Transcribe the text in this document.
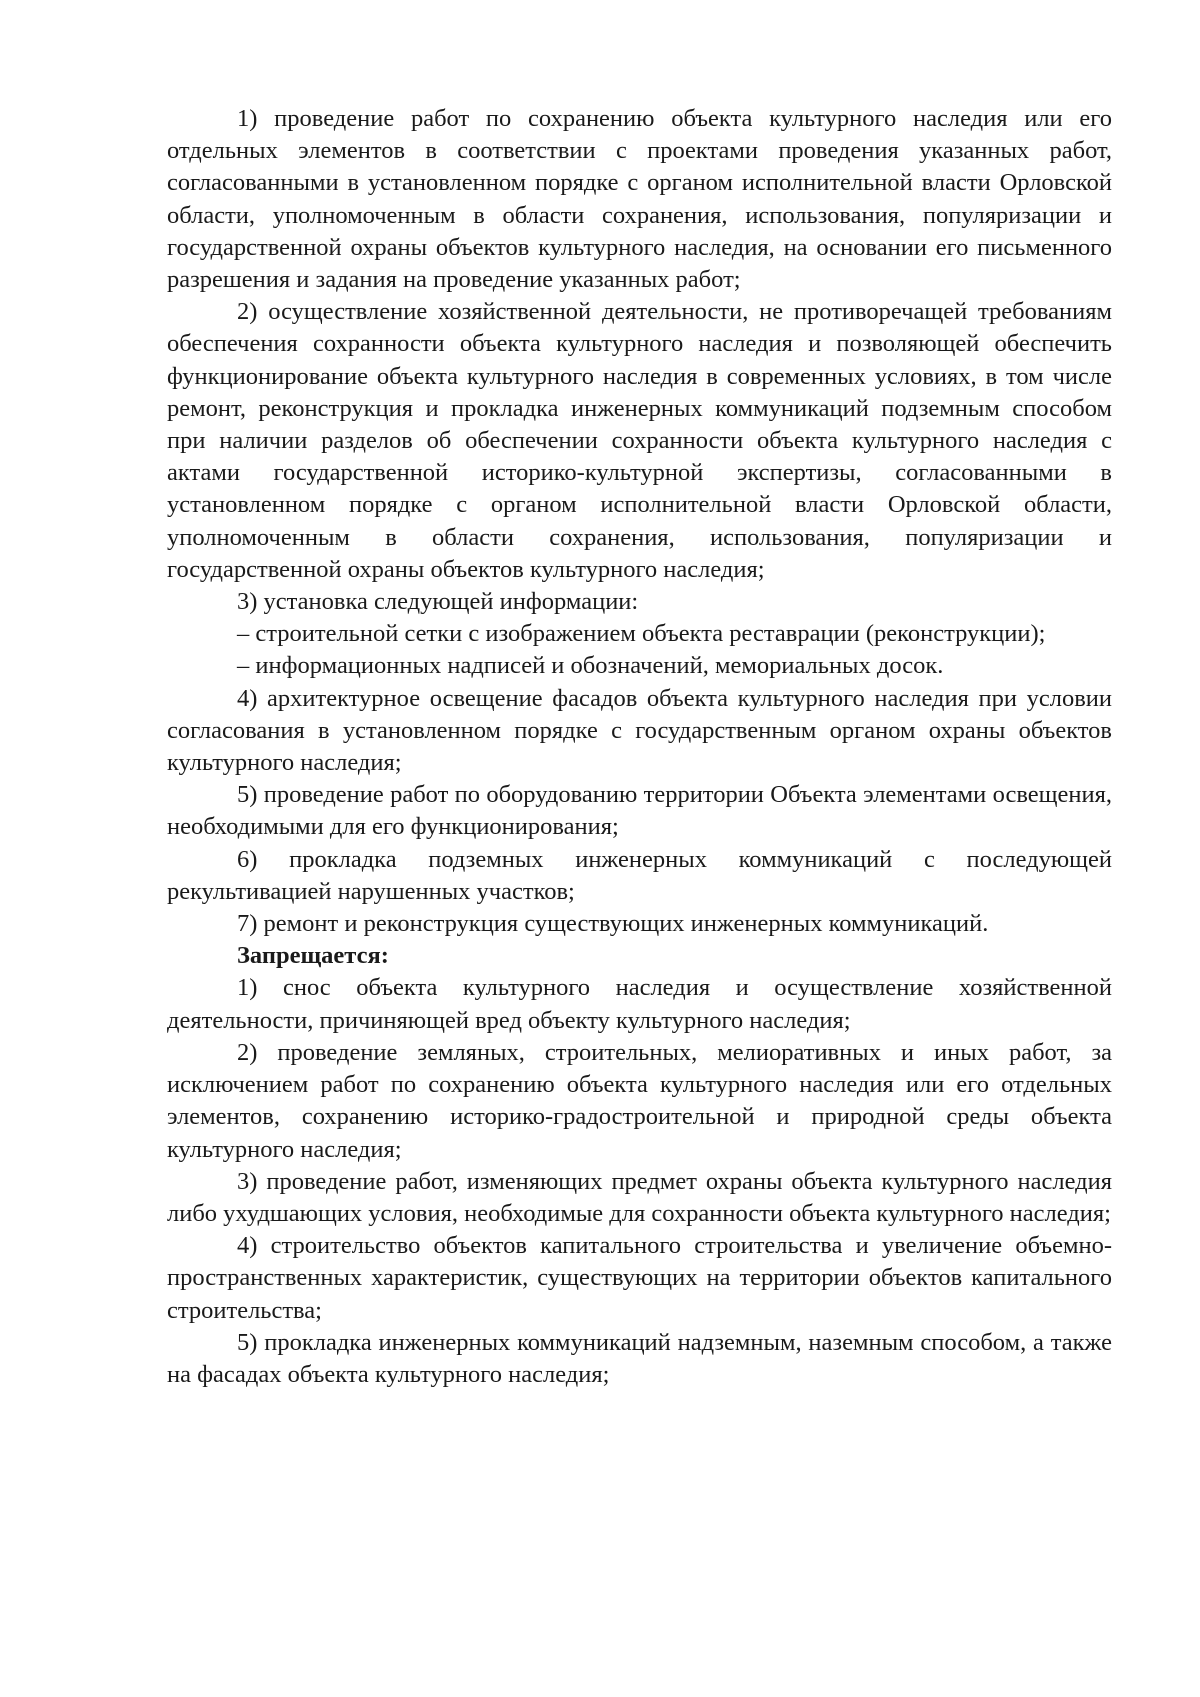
1) проведение работ по сохранению объекта культурного наследия или его отдельных элементов в соответствии с проектами проведения указанных работ, согласованными в установленном порядке с органом исполнительной власти Орловской области, уполномоченным в области сохранения, использования, популяризации и государственной охраны объектов культурного наследия, на основании его письменного разрешения и задания на проведение указанных работ;

2) осуществление хозяйственной деятельности, не противоречащей требованиям обеспечения сохранности объекта культурного наследия и позволяющей обеспечить функционирование объекта культурного наследия в современных условиях, в том числе ремонт, реконструкция и прокладка инженерных коммуникаций подземным способом при наличии разделов об обеспечении сохранности объекта культурного наследия с актами государственной историко-культурной экспертизы, согласованными в установленном порядке с органом исполнительной власти Орловской области, уполномоченным в области сохранения, использования, популяризации и государственной охраны объектов культурного наследия;

3) установка следующей информации:

– строительной сетки с изображением объекта реставрации (реконструкции);

– информационных надписей и обозначений, мемориальных досок.

4) архитектурное освещение фасадов объекта культурного наследия при условии согласования в установленном порядке с государственным органом охраны объектов культурного наследия;

5) проведение работ по оборудованию территории Объекта элементами освещения, необходимыми для его функционирования;

6) прокладка подземных инженерных коммуникаций с последующей рекультивацией нарушенных участков;

7) ремонт и реконструкция существующих инженерных коммуникаций.

Запрещается:

1) снос объекта культурного наследия и осуществление хозяйственной деятельности, причиняющей вред объекту культурного наследия;

2) проведение земляных, строительных, мелиоративных и иных работ, за исключением работ по сохранению объекта культурного наследия или его отдельных элементов, сохранению историко-градостроительной и природной среды объекта культурного наследия;

3) проведение работ, изменяющих предмет охраны объекта культурного наследия либо ухудшающих условия, необходимые для сохранности объекта культурного наследия;

4) строительство объектов капитального строительства и увеличение объемно-пространственных характеристик, существующих на территории объектов капитального строительства;

5) прокладка инженерных коммуникаций надземным, наземным способом, а также на фасадах объекта культурного наследия;
